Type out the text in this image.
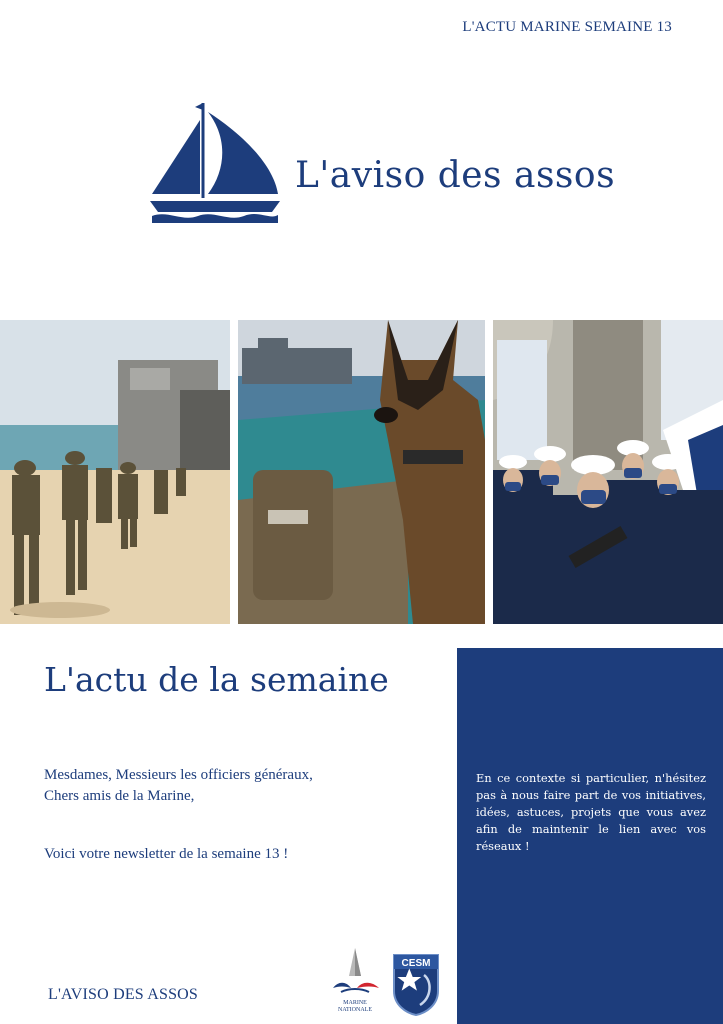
L'ACTU MARINE SEMAINE 13
L'aviso des assos
L'actu de la semaine
Mesdames, Messieurs les officiers généraux,
Chers amis de la Marine,
Voici votre newsletter de la semaine 13 !
En ce contexte si particulier, n'hésitez pas à nous faire part de vos initiatives, idées, astuces, projets que vous avez afin de maintenir le lien avec vos réseaux !
L'AVISO DES ASSOS	MARINE
NATIONALE
CESM
